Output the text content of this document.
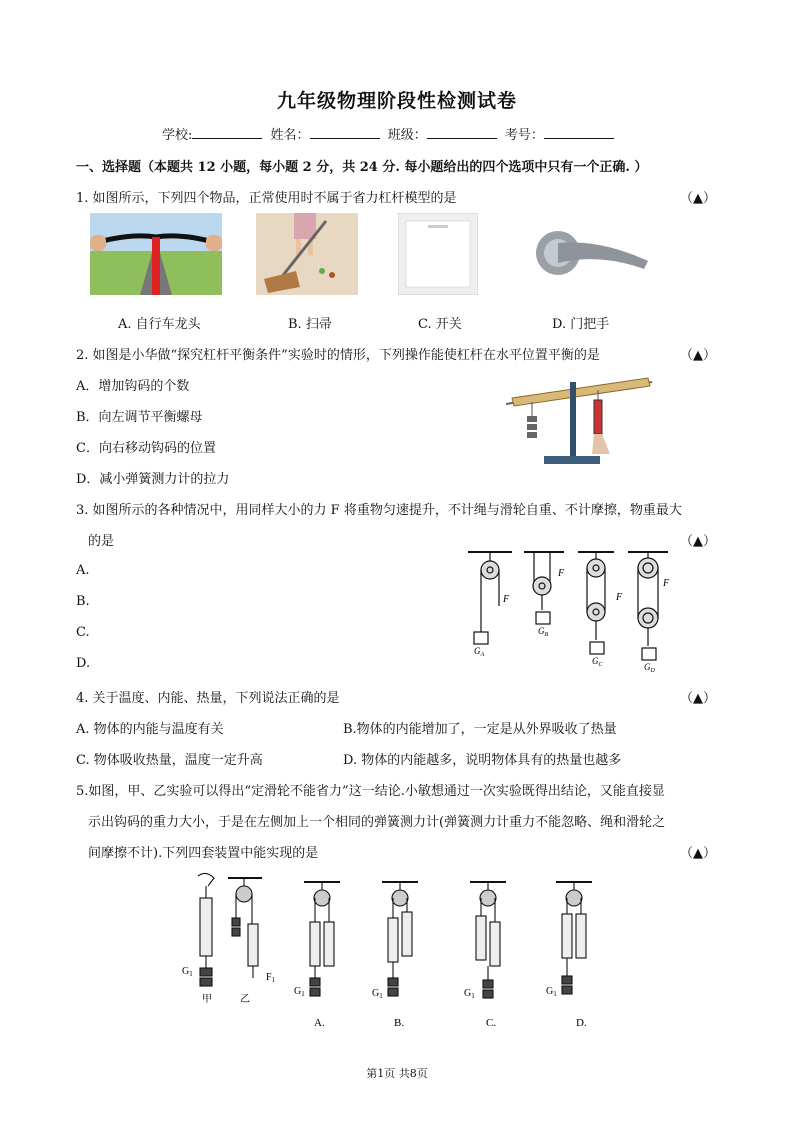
九年级物理阶段性检测试卷
学校:	姓名：	班级：	考号：
一、选择题（本题共 12 小题，每小题 2 分，共 24 分. 每小题给出的四个选项中只有一个正确. ）
1. 如图所示，下列四个物品，正常使用时不属于省力杠杆模型的是	（▲）
A. 自行车龙头	B. 扫帚	C. 开关	D. 门把手
2. 如图是小华做“探究杠杆平衡条件”实验时的情形，下列操作能使杠杆在水平位置平衡的是	（▲）
A．增加钩码的个数
B．向左调节平衡螺母
C．向右移动钩码的位置
D．减小弹簧测力计的拉力
3. 如图所示的各种情况中，用同样大小的力 F 将重物匀速提升，不计绳与滑轮自重、不计摩擦，物重最大
的是	（▲）
A.
B.
C.
D.
F
F
F
F
$G_A$
$G_B$
$G_C$	$G_D$
4. 关于温度、内能、热量，下列说法正确的是	（▲）
A. 物体的内能与温度有关	B.物体的内能增加了，一定是从外界吸收了热量
C. 物体吸收热量，温度一定升高	D. 物体的内能越多，说明物体具有的热量也越多
5.如图，甲、乙实验可以得出“定滑轮不能省力”这一结论.小敏想通过一次实验既得出结论，又能直接显
示出钩码的重力大小，于是在左侧加上一个相同的弹簧测力计(弹簧测力计重力不能忽略、绳和滑轮之
间摩擦不计).下列四套装置中能实现的是	（▲）
$G_1$	$F_1$
甲	乙
$G_1$	$G_1$	$G_1$	$G_1$
A.	B.	C.	D.
第1页 共8页
